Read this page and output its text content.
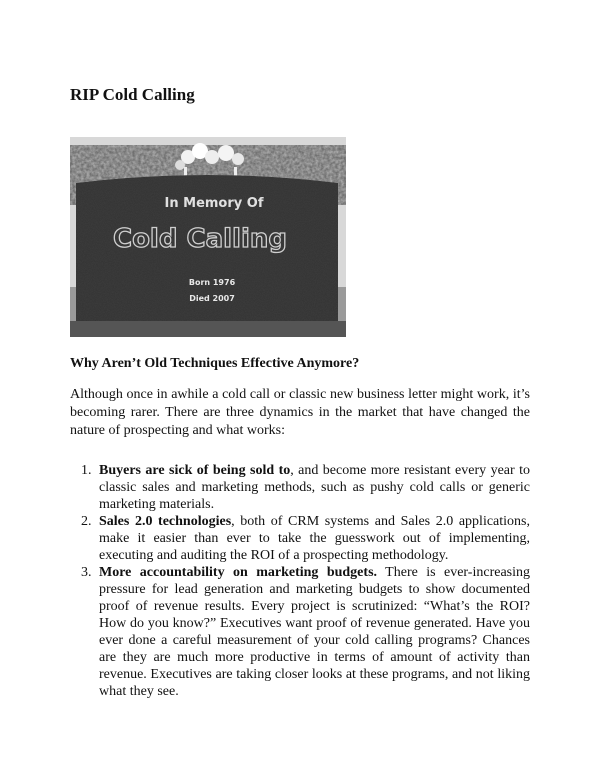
RIP Cold Calling
In Memory Of
Cold Calling
Born 1976
Died 2007
Why Aren’t Old Techniques Effective Anymore?

Although once in awhile a cold call or classic new business letter might work, it’s becoming rarer. There are three dynamics in the market that have changed the nature of prospecting and what works:

1. Buyers are sick of being sold to, and become more resistant every year to classic sales and marketing methods, such as pushy cold calls or generic marketing materials.
2. Sales 2.0 technologies, both of CRM systems and Sales 2.0 applications, make it easier than ever to take the guesswork out of implementing, executing and auditing the ROI of a prospecting methodology.
3. More accountability on marketing budgets. There is ever-increasing pressure for lead generation and marketing budgets to show documented proof of revenue results. Every project is scrutinized: “What’s the ROI? How do you know?” Executives want proof of revenue generated. Have you ever done a careful measurement of your cold calling programs? Chances are they are much more productive in terms of amount of activity than revenue. Executives are taking closer looks at these programs, and not liking what they see.
